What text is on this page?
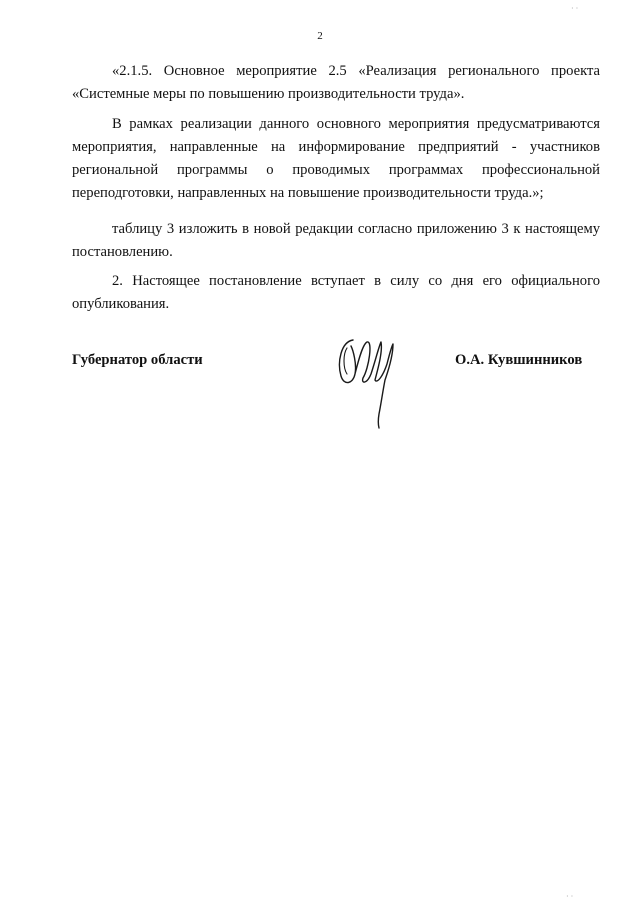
2

«2.1.5. Основное мероприятие 2.5 «Реализация регионального проекта «Системные меры по повышению производительности труда».

В рамках реализации данного основного мероприятия предусматриваются мероприятия, направленные на информирование предприятий - участников региональной программы о проводимых программах профессиональной переподготовки, направленных на повышение производительности труда.»;

таблицу 3 изложить в новой редакции согласно приложению 3 к настоящему постановлению.

2. Настоящее постановление вступает в силу со дня его официального опубликования.

Губернатор области	О.А. Кувшинников
· ·
· ·
